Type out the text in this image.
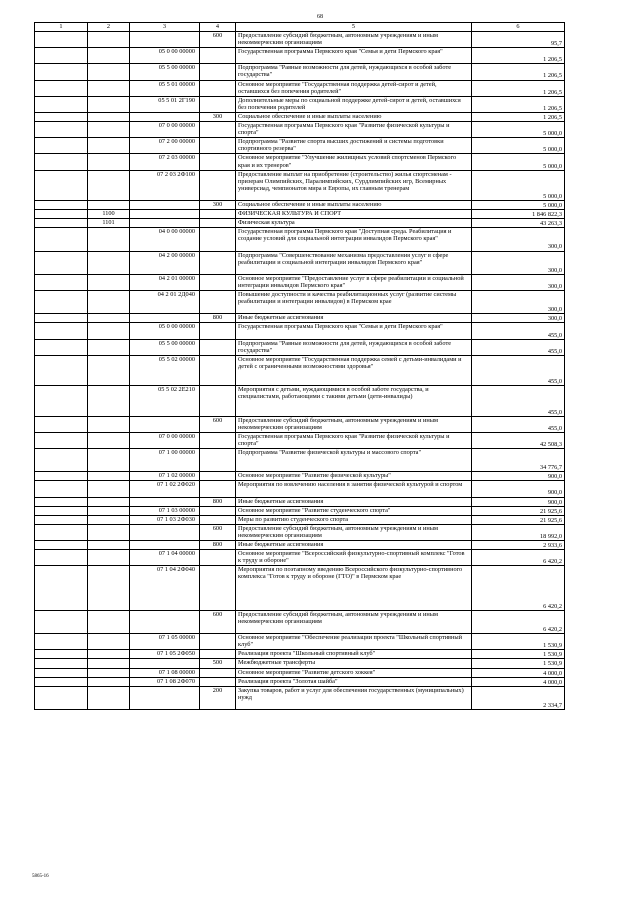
68
1	2	3	4	5	6
			600	Предоставление субсидий бюджетным, автономным учреждениям и иным некоммерческим организациям	95,7
		05 0 00 00000		Государственная программа Пермского края "Семья и дети Пермского края"	1 206,5
		05 5 00 00000		Подпрограмма "Равные возможности для детей, нуждающихся в особой заботе государства"	1 206,5
		05 5 01 00000		Основное мероприятие "Государственная поддержка детей-сирот и детей, оставшихся без попечения родителей"	1 206,5
		05 5 01 2Г190		Дополнительные меры по социальной поддержке детей-сирот и детей, оставшихся без попечения родителей	1 206,5
			300	Социальное обеспечение и иные выплаты населению	1 206,5
		07 0 00 00000		Государственная программа Пермского края "Развитие физической культуры и спорта"	5 000,0
		07 2 00 00000		Подпрограмма "Развитие спорта высших достижений и системы подготовки спортивного резерва"	5 000,0
		07 2 03 00000		Основное мероприятие "Улучшение жилищных условий спортсменов Пермского края и их тренеров"	5 000,0
		07 2 03 2Ф100		Предоставление выплат на приобретение (строительство) жилья спортсменам - призерам Олимпийских, Паралимпийских, Сурдлимпийских игр, Всемирных универсиад, чемпионатов мира и Европы, их главным тренерам	5 000,0
			300	Социальное обеспечение и иные выплаты населению	5 000,0
	1100			ФИЗИЧЕСКАЯ КУЛЬТУРА И СПОРТ	1 846 822,3
	1101			Физическая культура	43 263,3
		04 0 00 00000		Государственная программа Пермского края "Доступная среда. Реабилитация и создание условий для социальной интеграции инвалидов Пермского края"	300,0
		04 2 00 00000		Подпрограмма "Совершенствование механизма предоставления услуг в сфере реабилитации и социальной интеграции инвалидов Пермского края"	300,0
		04 2 01 00000		Основное мероприятие "Предоставление услуг в сфере реабилитации и социальной интеграции инвалидов Пермского края"	300,0
		04 2 01 2Д040		Повышение доступности и качества реабилитационных услуг (развитие системы реабилитации и интеграции инвалидов) в Пермском крае	300,0
			800	Иные бюджетные ассигнования	300,0
		05 0 00 00000		Государственная программа Пермского края "Семья и дети Пермского края"	455,0
		05 5 00 00000		Подпрограмма "Равные возможности для детей, нуждающихся в особой заботе государства"	455,0
		05 5 02 00000		Основное мероприятие "Государственная поддержка семей с детьми-инвалидами и детей с ограниченными возможностями здоровья"	455,0
		05 5 02 2Е210		Мероприятия с детьми, нуждающимися в особой заботе государства, и специалистами, работающими с такими детьми (дети-инвалиды)	455,0
			600	Предоставление субсидий бюджетным, автономным учреждениям и иным некоммерческим организациям	455,0
		07 0 00 00000		Государственная программа Пермского края "Развитие физической культуры и спорта"	42 508,3
		07 1 00 00000		Подпрограмма "Развитие физической культуры и массового спорта"	34 776,7
		07 1 02 00000		Основное мероприятие "Развитие физической культуры"	900,0
		07 1 02 2Ф020		Мероприятия по вовлечению населения в занятия физической культурой и спортом	900,0
			800	Иные бюджетные ассигнования	900,0
		07 1 03 00000		Основное мероприятие "Развитие студенческого спорта"	21 925,6
		07 1 03 2Ф030		Меры по развитию студенческого спорта	21 925,6
			600	Предоставление субсидий бюджетным, автономным учреждениям и иным некоммерческим организациям	18 992,0
			800	Иные бюджетные ассигнования	2 933,6
		07 1 04 00000		Основное мероприятие "Всероссийский физкультурно-спортивный комплекс "Готов к труду и обороне"	6 420,2
		07 1 04 2Ф040		Мероприятия по поэтапному введению Всероссийского физкультурно-спортивного комплекса "Готов к труду и обороне (ГТО)" в Пермском крае	6 420,2
			600	Предоставление субсидий бюджетным, автономным учреждениям и иным некоммерческим организациям	6 420,2
		07 1 05 00000		Основное мероприятие "Обеспечение реализации проекта "Школьный спортивный клуб"	1 530,9
		07 1 05 2Ф050		Реализация проекта "Школьный спортивный клуб"	1 530,9
			500	Межбюджетные трансферты	1 530,9
		07 1 08 00000		Основное мероприятие "Развитие детского хоккея"	4 000,0
		07 1 08 2Ф070		Реализация проекта "Золотая шайба"	4 000,0
			200	Закупка товаров, работ и услуг для обеспечения государственных (муниципальных) нужд	2 334,7
5865-16
